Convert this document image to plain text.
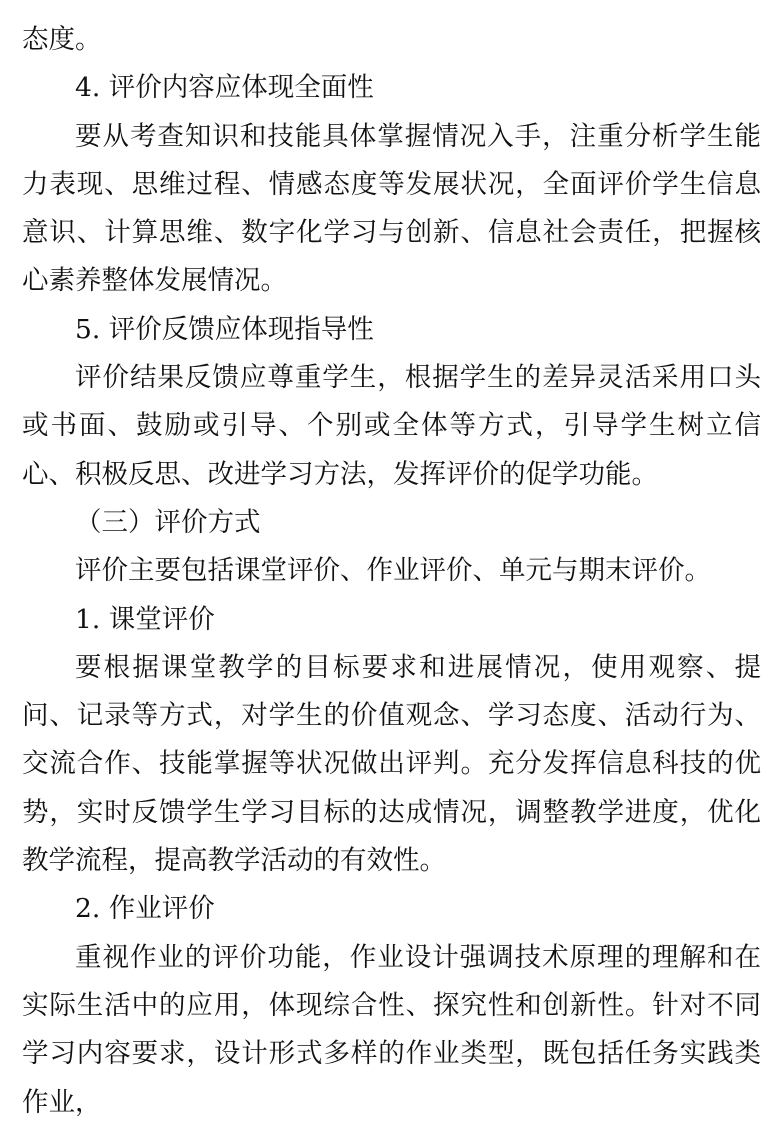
态度。

4. 评价内容应体现全面性

要从考查知识和技能具体掌握情况入手，注重分析学生能力表现、思维过程、情感态度等发展状况，全面评价学生信息意识、计算思维、数字化学习与创新、信息社会责任，把握核心素养整体发展情况。

5. 评价反馈应体现指导性

评价结果反馈应尊重学生，根据学生的差异灵活采用口头或书面、鼓励或引导、个别或全体等方式，引导学生树立信心、积极反思、改进学习方法，发挥评价的促学功能。

（三）评价方式

评价主要包括课堂评价、作业评价、单元与期末评价。

1. 课堂评价

要根据课堂教学的目标要求和进展情况，使用观察、提问、记录等方式，对学生的价值观念、学习态度、活动行为、交流合作、技能掌握等状况做出评判。充分发挥信息科技的优势，实时反馈学生学习目标的达成情况，调整教学进度，优化教学流程，提高教学活动的有效性。

2. 作业评价

重视作业的评价功能，作业设计强调技术原理的理解和在实际生活中的应用，体现综合性、探究性和创新性。针对不同学习内容要求，设计形式多样的作业类型，既包括任务实践类作业，
